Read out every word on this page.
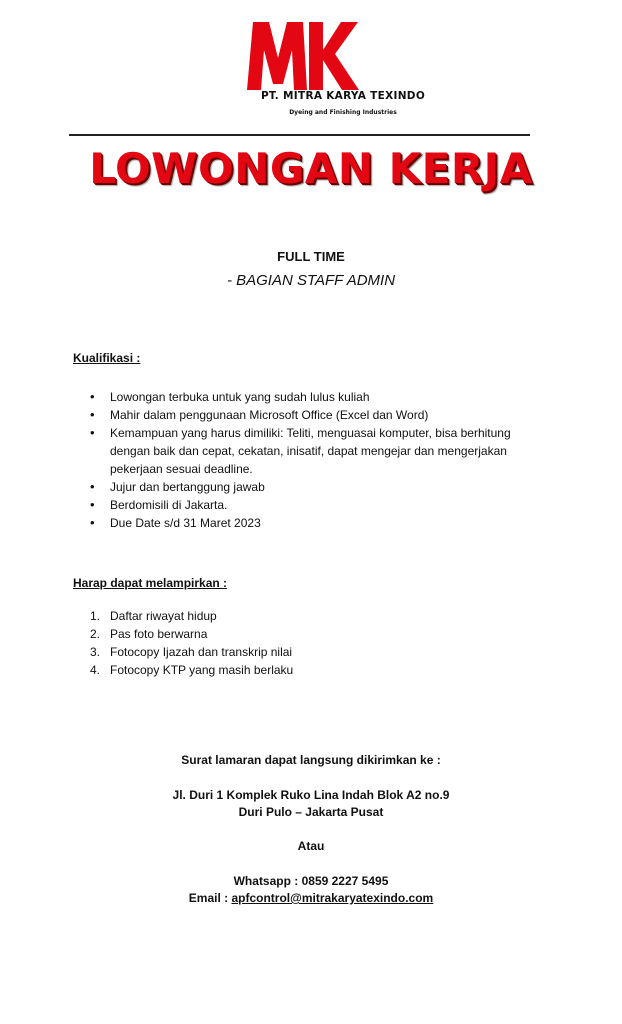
PT. MITRA KARYA TEXINDO
Dyeing and Finishing Industries
LOWONGAN KERJA
FULL TIME
- BAGIAN STAFF ADMIN
Kualifikasi :
• Lowongan terbuka untuk yang sudah lulus kuliah
• Mahir dalam penggunaan Microsoft Office (Excel dan Word)
• Kemampuan yang harus dimiliki: Teliti, menguasai komputer, bisa berhitung dengan baik dan cepat, cekatan, inisatif, dapat mengejar dan mengerjakan pekerjaan sesuai deadline.
• Jujur dan bertanggung jawab
• Berdomisili di Jakarta.
• Due Date s/d 31 Maret 2023
Harap dapat melampirkan :
1. Daftar riwayat hidup
2. Pas foto berwarna
3. Fotocopy Ijazah dan transkrip nilai
4. Fotocopy KTP yang masih berlaku
Surat lamaran dapat langsung dikirimkan ke :
Jl. Duri 1 Komplek Ruko Lina Indah Blok A2 no.9
Duri Pulo – Jakarta Pusat
Atau
Whatsapp : 0859 2227 5495
Email : apfcontrol@mitrakaryatexindo.com
